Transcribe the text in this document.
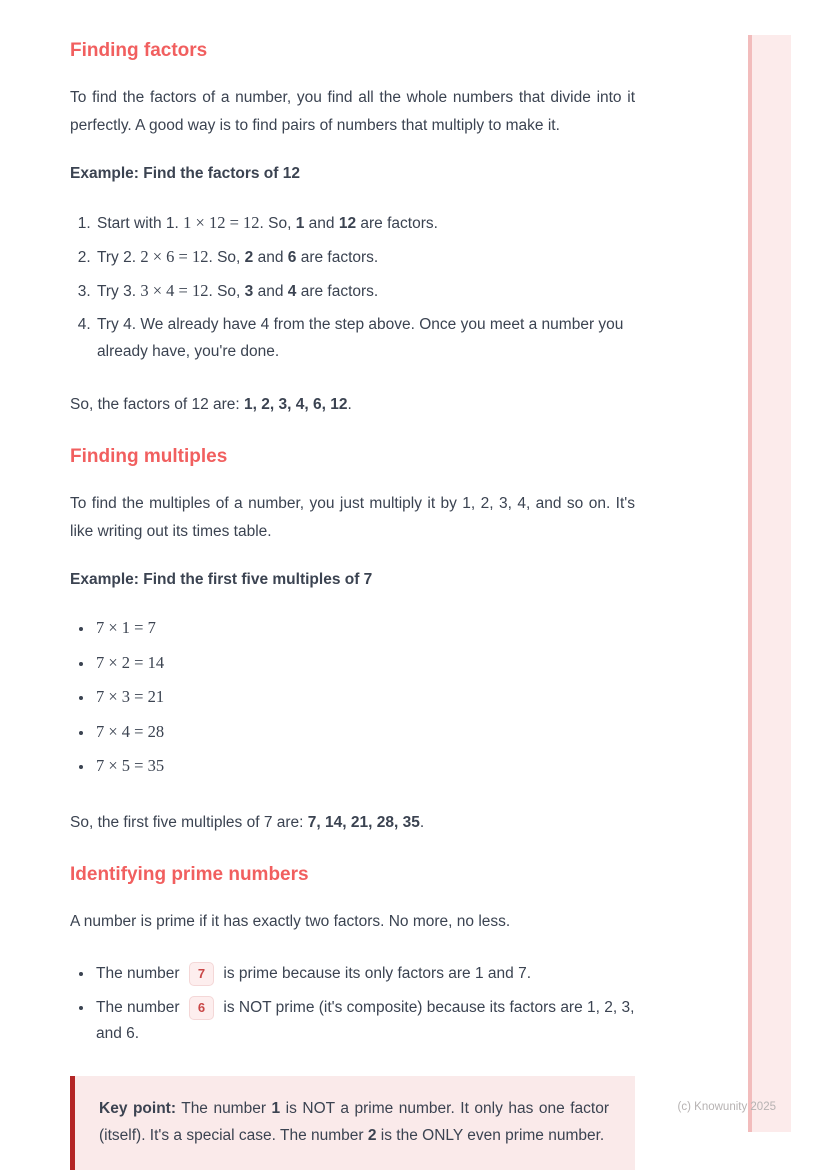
Finding factors

To find the factors of a number, you find all the whole numbers that divide into it perfectly. A good way is to find pairs of numbers that multiply to make it.

Example: Find the factors of 12

1. Start with 1. 1 × 12 = 12. So, 1 and 12 are factors.
2. Try 2. 2 × 6 = 12. So, 2 and 6 are factors.
3. Try 3. 3 × 4 = 12. So, 3 and 4 are factors.
4. Try 4. We already have 4 from the step above. Once you meet a number you already have, you're done.

So, the factors of 12 are: 1, 2, 3, 4, 6, 12.

Finding multiples

To find the multiples of a number, you just multiply it by 1, 2, 3, 4, and so on. It's like writing out its times table.

Example: Find the first five multiples of 7

• 7 × 1 = 7
• 7 × 2 = 14
• 7 × 3 = 21
• 7 × 4 = 28
• 7 × 5 = 35

So, the first five multiples of 7 are: 7, 14, 21, 28, 35.

Identifying prime numbers

A number is prime if it has exactly two factors. No more, no less.

• The number 7 is prime because its only factors are 1 and 7.
• The number 6 is NOT prime (it's composite) because its factors are 1, 2, 3, and 6.

Key point: The number 1 is NOT a prime number. It only has one factor (itself). It's a special case. The number 2 is the ONLY even prime number.

(c) Knowunity 2025
